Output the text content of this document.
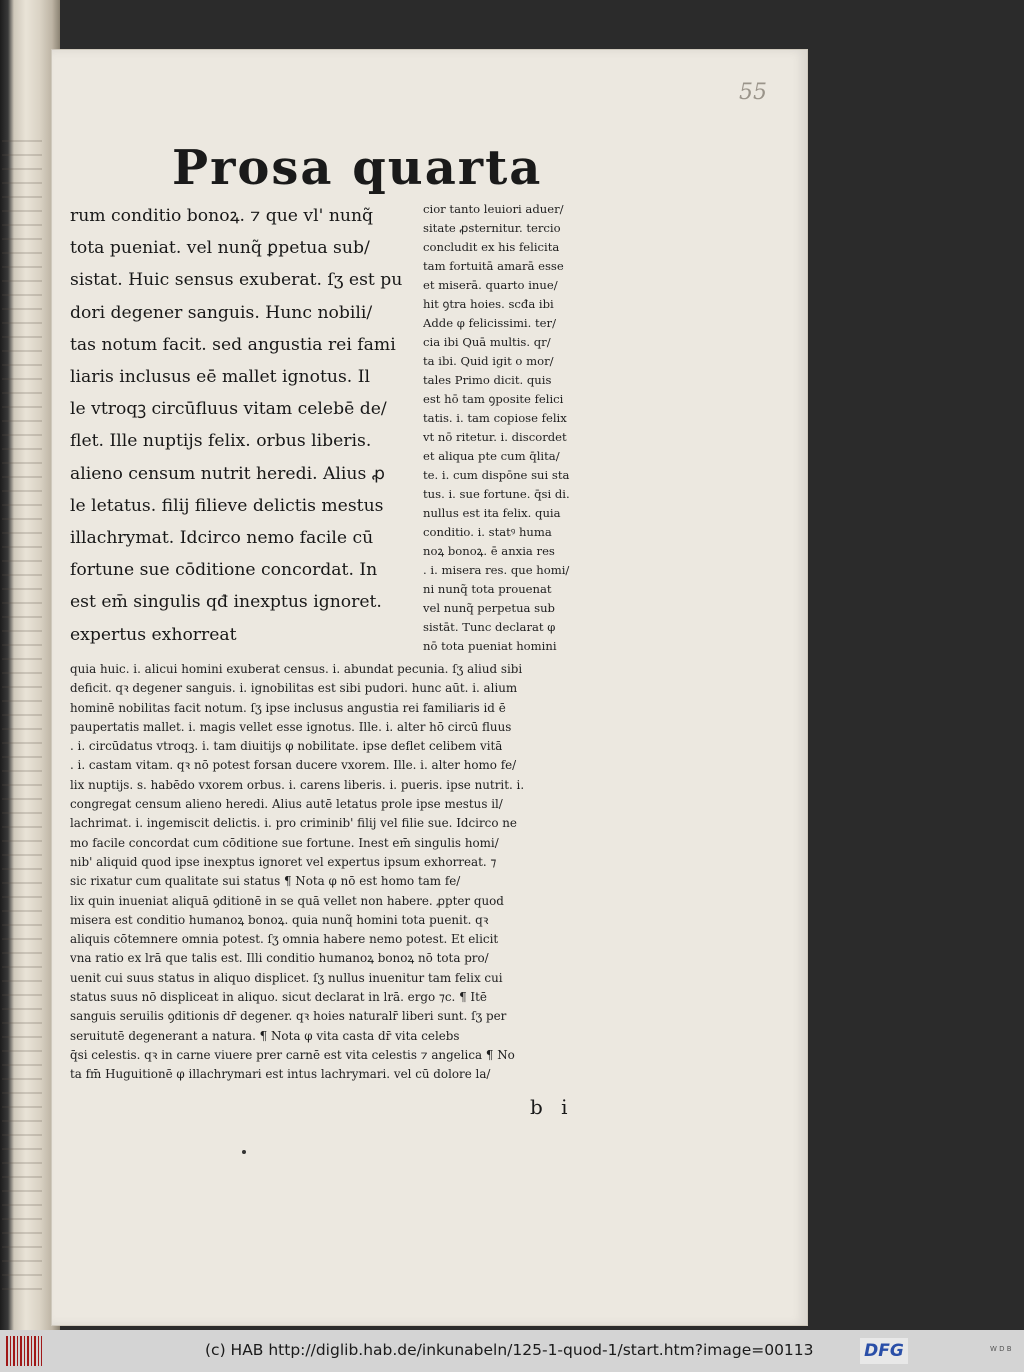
55
Prosa quarta
rum conditio bonoꝝ. ⁊ que vl' nunq̃
tota pueniat. vel nunq̃ ꝑpetua sub/
sistat. Huic sensus exuberat. ſʒ est pu
dori degener sanguis. Hunc nobili/
tas notum facit. sed angustia rei fami
liaris inclusus eē mallet ignotus. Il
le vtroqꝫ circūfluus vitam celebē de/
flet. Ille nuptijs felix. orbus liberis.
alieno censum nutrit heredi. Alius ꝓ
le letatus. filij filieve delictis mestus
illachrymat. Idcirco nemo facile cū
fortune sue cōditione concordat. In
est em̄ singulis qđ inexptus ignoret.
expertus exhorreat
cior tanto leuiori aduer/
sitate ꝓsternitur. tercio
concludit ex his felicita
tam fortuitā amarā esse
et miserā. quarto inue/
hit ꝯtra hoies. scđa ibi
Adde φ felicissimi. ter/
cia ibi Quā multis. qr/
ta ibi. Quid igit o mor/
tales Primo dicit. quis
est hō tam ꝯposite felici
tatis. i. tam copiose felix
vt nō ritetur. i. discordet
et aliqua pte cum q̄lita/
te. i. cum dispōne sui sta
tus. i. sue fortune. q̄si di.
nullus est ita felix. quia
conditio. i. statꝰ huma
noꝝ bonoꝝ. ē anxia res
. i. misera res. que homi/
ni nunq̃ tota prouenat
vel nunq̃ perpetua sub
sistāt. Tunc declarat φ
nō tota pueniat homini
quia huic. i. alicui homini exuberat census. i. abundat pecunia. ſʒ aliud sibi
deficit. qꝛ degener sanguis. i. ignobilitas est sibi pudori. hunc aūt. i. alium
hominē nobilitas facit notum. ſʒ ipse inclusus angustia rei familiaris id ē
paupertatis mallet. i. magis vellet esse ignotus. Ille. i. alter hō circū fluus
. i. circūdatus vtroqꝫ. i. tam diuitijs φ nobilitate. ipse deflet celibem vitā
. i. castam vitam. qꝛ nō potest forsan ducere vxorem. Ille. i. alter homo fe/
lix nuptijs. s. habēdo vxorem orbus. i. carens liberis. i. pueris. ipse nutrit. i.
congregat censum alieno heredi. Alius autē letatus prole ipse mestus il/
lachrimat. i. ingemiscit delictis. i. pro criminib' filij vel filie sue. Idcirco ne
mo facile concordat cum cōditione sue fortune. Inest em̄ singulis homi/
nib' aliquid quod ipse inexptus ignoret vel expertus ipsum exhorreat. ⁊
sic rixatur cum qualitate sui status ¶ Nota φ nō est homo tam fe/
lix quin inueniat aliquā ꝯditionē in se quā vellet non habere. ꝓpter quod
misera est conditio humanoꝝ bonoꝝ. quia nunq̃ homini tota puenit. qꝛ
aliquis cōtemnere omnia potest. ſʒ omnia habere nemo potest. Et elicit
vna ratio ex lrā que talis est. Illi conditio humanoꝝ bonoꝝ nō tota pro/
uenit cui suus status in aliquo displicet. ſʒ nullus inuenitur tam felix cui
status suus nō displiceat in aliquo. sicut declarat in lrā. ergo ⁊c. ¶ Itē
sanguis seruilis ꝯditionis dr̄ degener. qꝛ hoies naturalr̄ liberi sunt. ſʒ per
seruitutē degenerant a natura. ¶ Nota φ vita casta dr̄ vita celebs
q̄si celestis. qꝛ in carne viuere prer carnē est vita celestis ⁊ angelica ¶ No
ta fm̄ Huguitionē φ illachrymari est intus lachrymari. vel cū dolore la/
b i
(c) HAB http://diglib.hab.de/inkunabeln/125-1-quod-1/start.htm?image=00113	DFG	W D B
